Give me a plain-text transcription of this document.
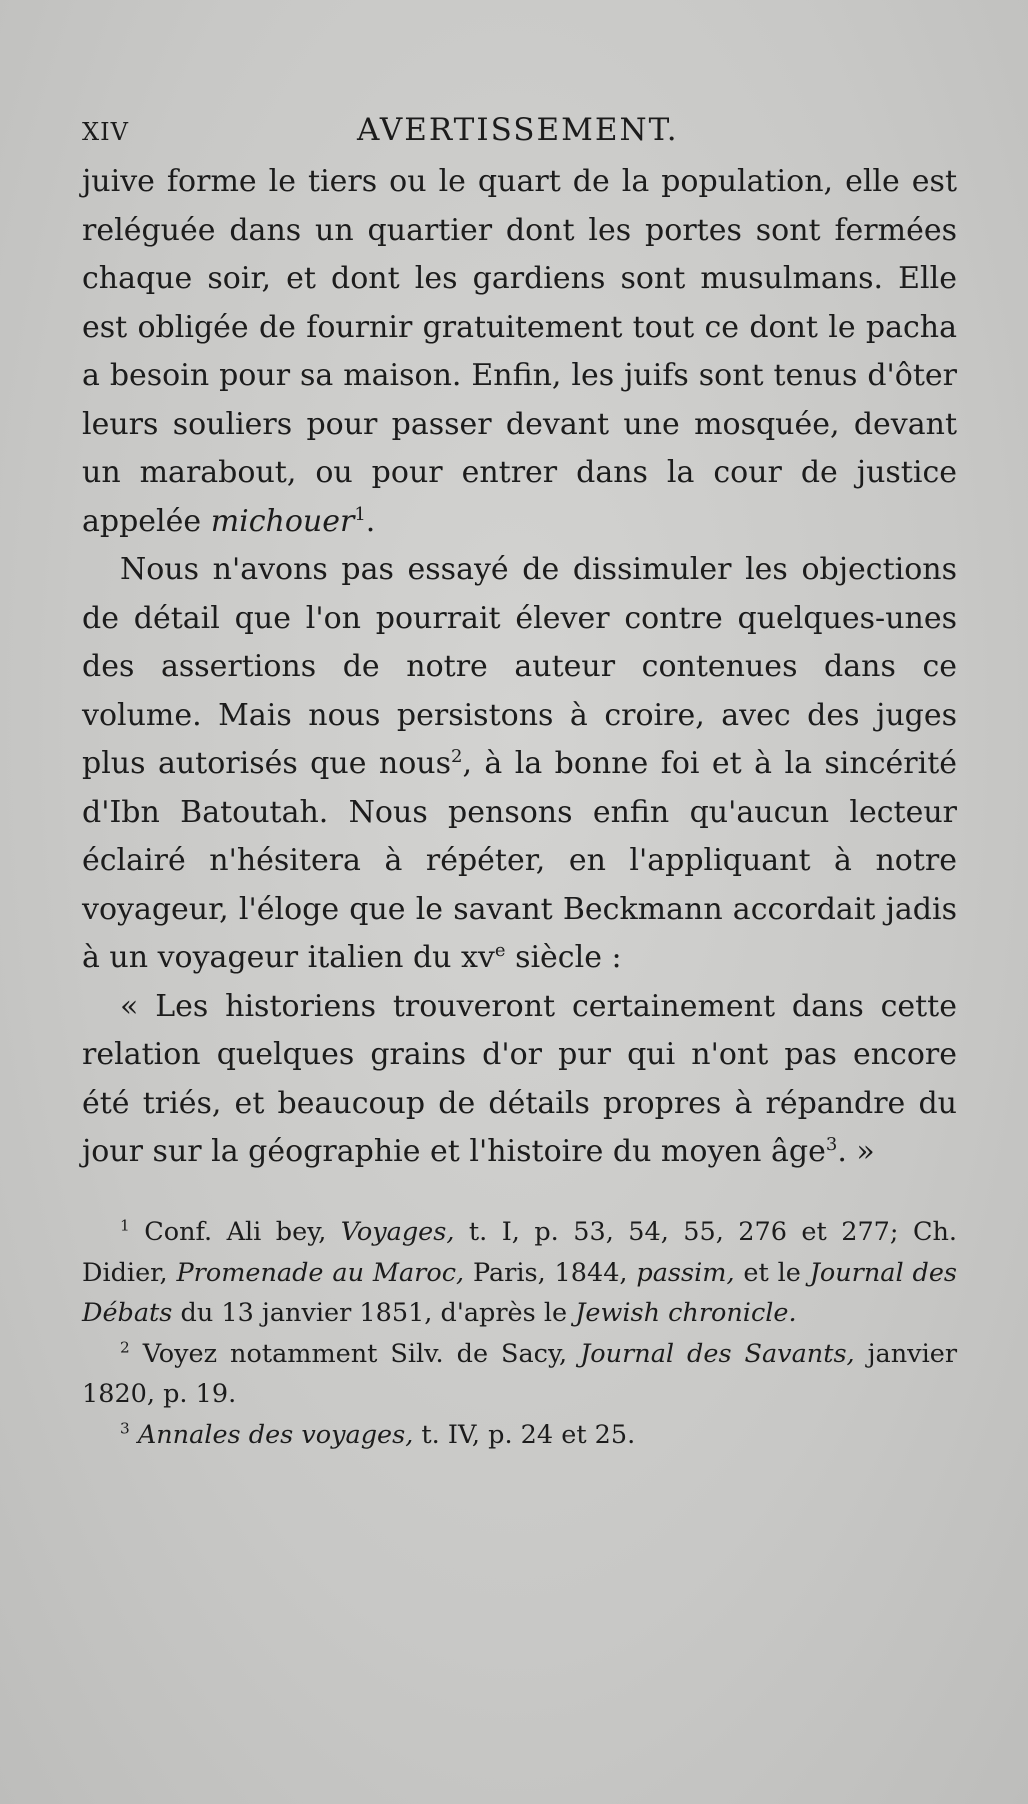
XIV	AVERTISSEMENT.

juive forme le tiers ou le quart de la population, elle est reléguée dans un quartier dont les portes sont fermées chaque soir, et dont les gardiens sont musulmans. Elle est obligée de fournir gratuitement tout ce dont le pacha a besoin pour sa maison. Enfin, les juifs sont tenus d'ôter leurs souliers pour passer devant une mosquée, devant un marabout, ou pour entrer dans la cour de justice appelée michouer$^1$.

Nous n'avons pas essayé de dissimuler les objections de détail que l'on pourrait élever contre quelques-unes des assertions de notre auteur contenues dans ce volume. Mais nous persistons à croire, avec des juges plus autorisés que nous$^2$, à la bonne foi et à la sincérité d'Ibn Batoutah. Nous pensons enfin qu'aucun lecteur éclairé n'hésitera à répéter, en l'appliquant à notre voyageur, l'éloge que le savant Beckmann accordait jadis à un voyageur italien du $xv^e$ siècle :

« Les historiens trouveront certainement dans cette relation quelques grains d'or pur qui n'ont pas encore été triés, et beaucoup de détails propres à répandre du jour sur la géographie et l'histoire du moyen âge$^3$. »

$^1$ Conf. Ali bey, Voyages, t. I, p. 53, 54, 55, 276 et 277; Ch. Didier, Promenade au Maroc, Paris, 1844, passim, et le Journal des Débats du 13 janvier 1851, d'après le Jewish chronicle.

$^2$ Voyez notamment Silv. de Sacy, Journal des Savants, janvier 1820, p. 19.

$^3$ Annales des voyages, t. IV, p. 24 et 25.
